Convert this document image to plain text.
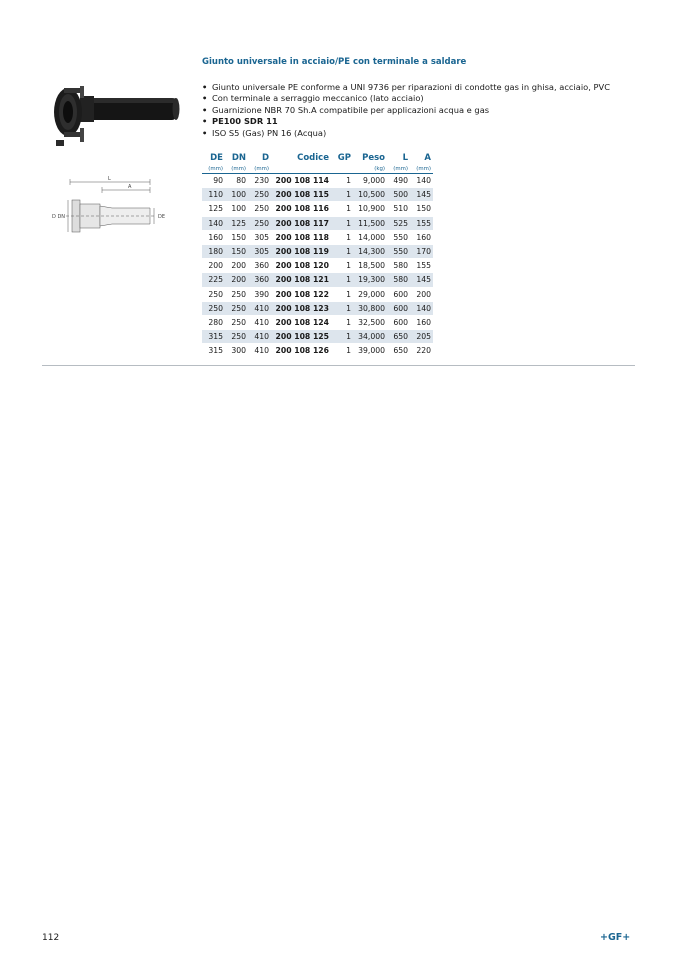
L
A
D DN	DE
Giunto universale in acciaio/PE con terminale a saldare
• Giunto universale PE conforme a UNI 9736 per riparazioni di condotte gas in ghisa, acciaio, PVC
• Con terminale a serraggio meccanico (lato acciaio)
• Guarnizione NBR 70 Sh.A compatibile per applicazioni acqua e gas
• PE100 SDR 11
• ISO S5 (Gas) PN 16 (Acqua)
DE	DN	D	Codice	GP	Peso	L	A
(mm)	(mm)	(mm)			(kg)	(mm)	(mm)

90	80	230	200 108 114	1	9,000	490	140
110	100	250	200 108 115	1	10,500	500	145
125	100	250	200 108 116	1	10,900	510	150
140	125	250	200 108 117	1	11,500	525	155
160	150	305	200 108 118	1	14,000	550	160
180	150	305	200 108 119	1	14,300	550	170
200	200	360	200 108 120	1	18,500	580	155
225	200	360	200 108 121	1	19,300	580	145
250	250	390	200 108 122	1	29,000	600	200
250	250	410	200 108 123	1	30,800	600	140
280	250	410	200 108 124	1	32,500	600	160
315	250	410	200 108 125	1	34,000	650	205
315	300	410	200 108 126	1	39,000	650	220
112	+GF+
